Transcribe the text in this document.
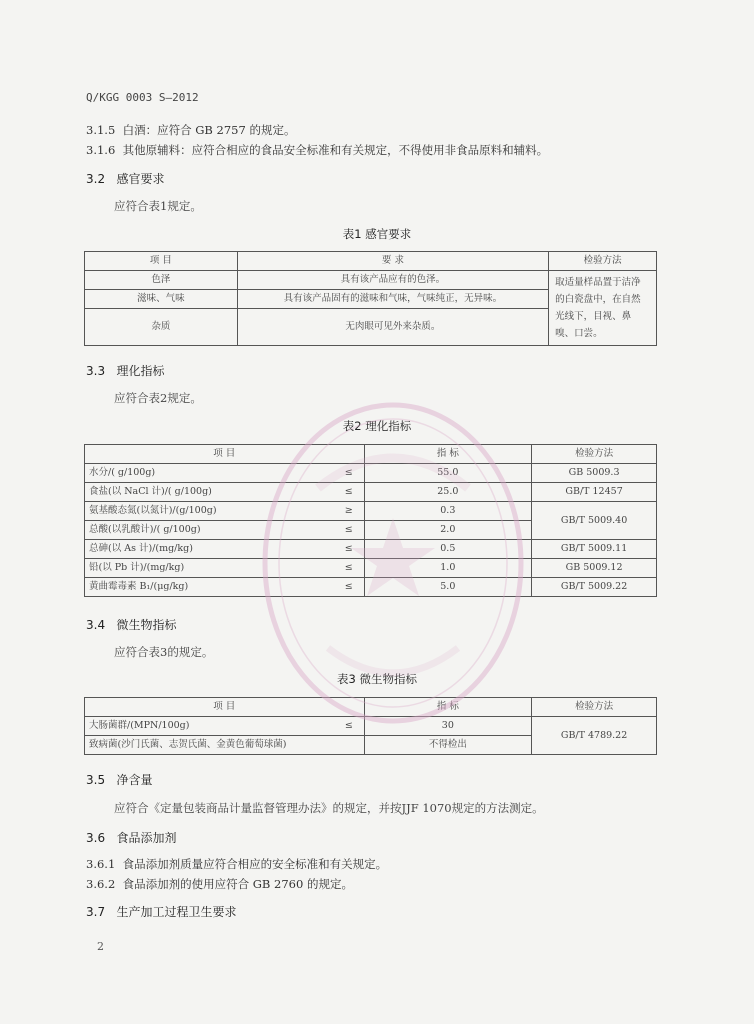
Q/KGG 0003 S—2012
3.1.5 白酒：应符合 GB 2757 的规定。
3.1.6 其他原辅料：应符合相应的食品安全标准和有关规定，不得使用非食品原料和辅料。
3.2 感官要求
应符合表1规定。
表1 感官要求
项 目	要 求	检验方法
色泽	具有该产品应有的色泽。	取适量样品置于洁净的白瓷盘中，在自然光线下，目视、鼻嗅、口尝。
滋味、气味	具有该产品固有的滋味和气味，气味纯正，无异味。	
杂质	无肉眼可见外来杂质。	
3.3 理化指标
应符合表2规定。
表2 理化指标
项 目		指 标	检验方法
水分/( g/100g)	≤	55.0	GB 5009.3
食盐(以 NaCl 计)/( g/100g)	≤	25.0	GB/T 12457
氨基酸态氮(以氮计)/(g/100g)	≥	0.3	GB/T 5009.40
总酸(以乳酸计)/( g/100g)	≤	2.0	
总砷(以 As 计)/(mg/kg)	≤	0.5	GB/T 5009.11
铅(以 Pb 计)/(mg/kg)	≤	1.0	GB 5009.12
黄曲霉毒素 B₁/(μg/kg)	≤	5.0	GB/T 5009.22
3.4 微生物指标
应符合表3的规定。
表3 微生物指标
项 目		指 标	检验方法
大肠菌群/(MPN/100g)	≤	30	GB/T 4789.22
致病菌(沙门氏菌、志贺氏菌、金黄色葡萄球菌)		不得检出	
3.5 净含量
应符合《定量包装商品计量监督管理办法》的规定，并按JJF 1070规定的方法测定。
3.6 食品添加剂
3.6.1 食品添加剂质量应符合相应的安全标准和有关规定。
3.6.2 食品添加剂的使用应符合 GB 2760 的规定。
3.7 生产加工过程卫生要求
2
